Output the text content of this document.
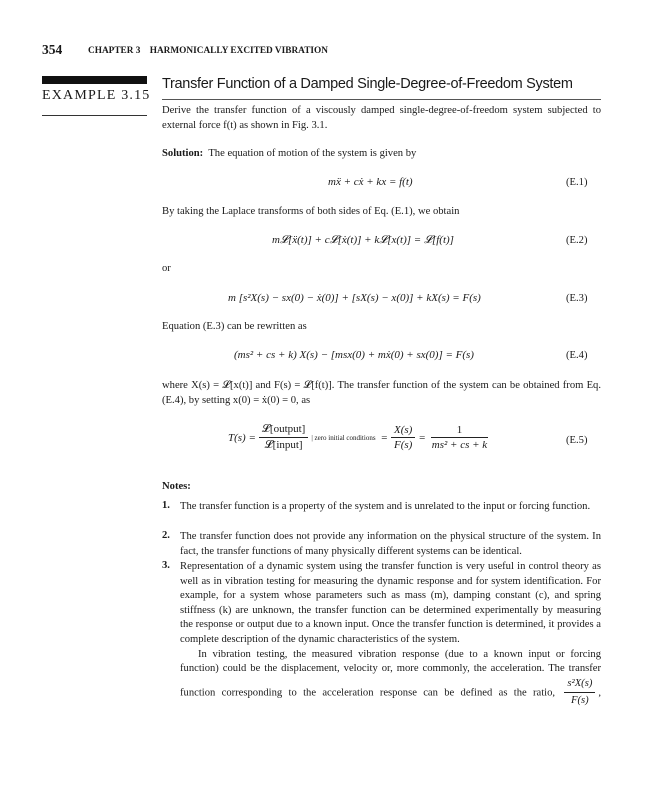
354	CHAPTER 3 HARMONICALLY EXCITED VIBRATION
EXAMPLE 3.15
Transfer Function of a Damped Single-Degree-of-Freedom System
Derive the transfer function of a viscously damped single-degree-of-freedom system subjected to external force f(t) as shown in Fig. 3.1.
Solution: The equation of motion of the system is given by
mẍ + cẋ + kx = f(t)	(E.1)
By taking the Laplace transforms of both sides of Eq. (E.1), we obtain
m𝓛[ẍ(t)] + c𝓛[ẋ(t)] + k𝓛[x(t)] = 𝓛[f(t)]	(E.2)
or
m [s²X(s) − sx(0) − ẋ(0)] + [sX(s) − x(0)] + kX(s) = F(s)	(E.3)
Equation (E.3) can be rewritten as
(ms² + cs + k) X(s) − [msx(0) + mẋ(0) + sx(0)] = F(s)	(E.4)
where X(s) = 𝓛[x(t)] and F(s) = 𝓛[f(t)]. The transfer function of the system can be obtained from Eq. (E.4), by setting x(0) = ẋ(0) = 0, as
$T(s) = \frac{\text{𝓛[output]}}{\text{𝓛[input]}}$ | zero initial conditions = $\frac{X(s)}{F(s)} = \frac{1}{\text{ms² + cs + k}}$	(E.5)
Notes:
1. The transfer function is a property of the system and is unrelated to the input or forcing function.
2. The transfer function does not provide any information on the physical structure of the system. In fact, the transfer functions of many physically different systems can be identical.
3. Representation of a dynamic system using the transfer function is very useful in control theory as well as in vibration testing for measuring the dynamic response and for system identification. For example, for a system whose parameters such as mass (m), damping constant (c), and spring stiffness (k) are unknown, the transfer function can be determined experimentally by measuring the response or output due to a known input. Once the transfer function is determined, it provides a complete description of the dynamic characteristics of the system.
In vibration testing, the measured vibration response (due to a known input or forcing function) could be the displacement, velocity or, more commonly, the acceleration. The transfer function corresponding to the acceleration response can be defined as the ratio, $\frac{\text{s²X(s)}}{F(s)}$ ,
